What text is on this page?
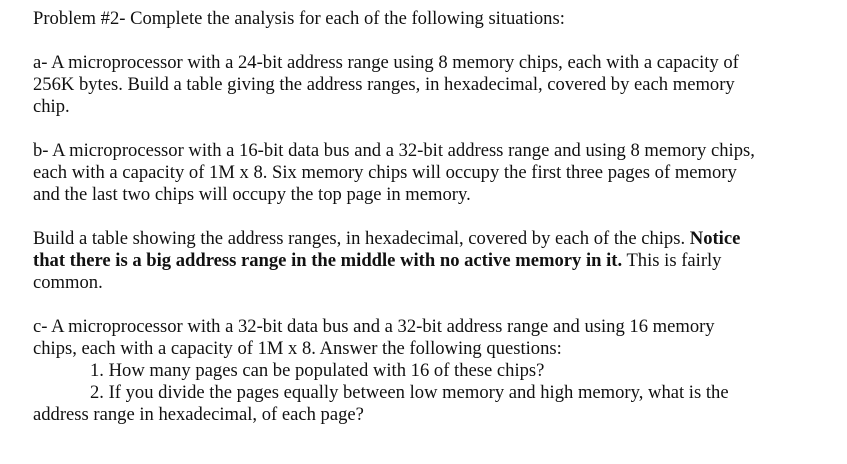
Problem #2- Complete the analysis for each of the following situations:
a- A microprocessor with a 24-bit address range using 8 memory chips, each with a capacity of
256K bytes. Build a table giving the address ranges, in hexadecimal, covered by each memory
chip.
b- A microprocessor with a 16-bit data bus and a 32-bit address range and using 8 memory chips,
each with a capacity of 1M x 8. Six memory chips will occupy the first three pages of memory
and the last two chips will occupy the top page in memory.
Build a table showing the address ranges, in hexadecimal, covered by each of the chips. Notice
that there is a big address range in the middle with no active memory in it. This is fairly
common.
c- A microprocessor with a 32-bit data bus and a 32-bit address range and using 16 memory
chips, each with a capacity of 1M x 8. Answer the following questions:
1. How many pages can be populated with 16 of these chips?
2. If you divide the pages equally between low memory and high memory, what is the
address range in hexadecimal, of each page?
